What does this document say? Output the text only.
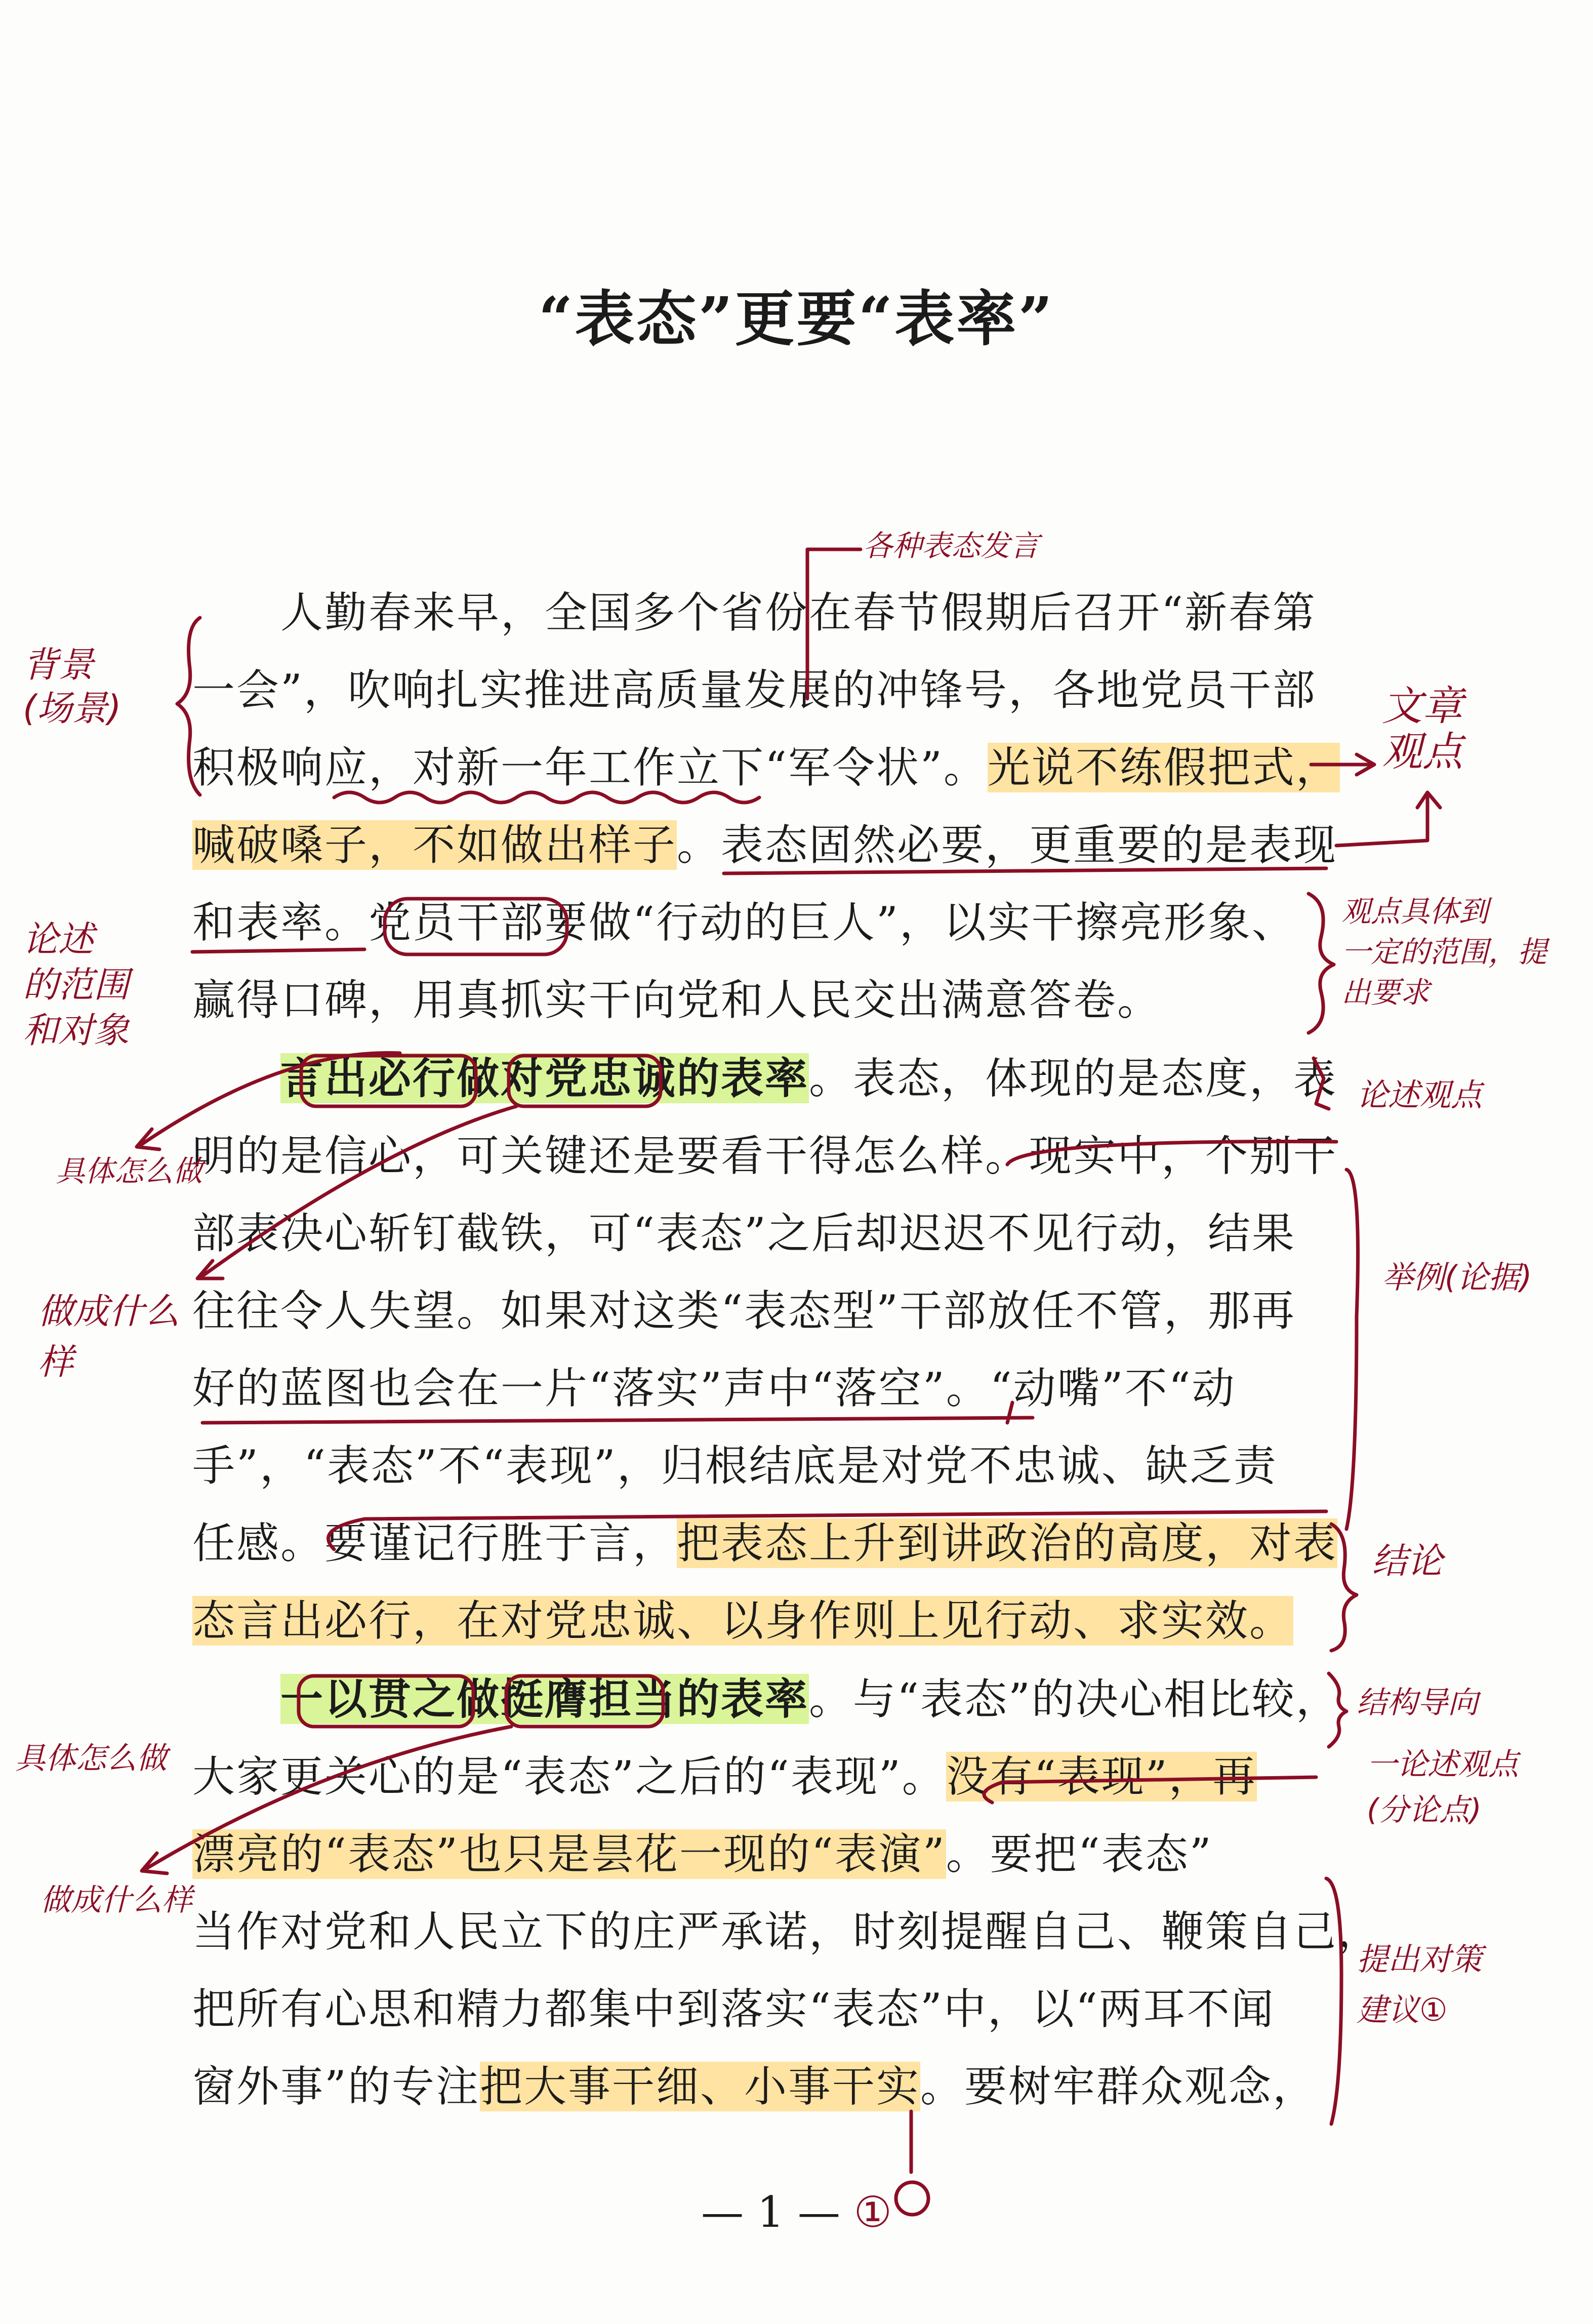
“表态”更要“表率”
　　人勤春来早，全国多个省份在春节假期后召开“新春第
一会”，吹响扎实推进高质量发展的冲锋号，各地党员干部
积极响应，对新一年工作立下“军令状”。光说不练假把式，
喊破嗓子，不如做出样子。表态固然必要，更重要的是表现
和表率。党员干部要做“行动的巨人”，以实干擦亮形象、
赢得口碑，用真抓实干向党和人民交出满意答卷。
　　言出必行做对党忠诚的表率。表态，体现的是态度，表
明的是信心，可关键还是要看干得怎么样。现实中，个别干
部表决心斩钉截铁，可“表态”之后却迟迟不见行动，结果
往往令人失望。如果对这类“表态型”干部放任不管，那再
好的蓝图也会在一片“落实”声中“落空”。“动嘴”不“动
手”，“表态”不“表现”，归根结底是对党不忠诚、缺乏责
任感。要谨记行胜于言，把表态上升到讲政治的高度，对表
态言出必行，在对党忠诚、以身作则上见行动、求实效。
　　一以贯之做挺膺担当的表率。与“表态”的决心相比较，
大家更关心的是“表态”之后的“表现”。没有“表现”，再
漂亮的“表态”也只是昙花一现的“表演”。要把“表态”
当作对党和人民立下的庄严承诺，时刻提醒自己、鞭策自己，
把所有心思和精力都集中到落实“表态”中，以“两耳不闻
窗外事”的专注把大事干细、小事干实。要树牢群众观念，
— 1 — ①
各种表态发言
背景
(场景)	文章
观点
论述
的范围
和对象
观点具体到
一定的范围，提
出要求
具体怎么做
论述观点
做成什么
样
举例(论据)
结论
结构导向
一论述观点
(分论点)
具体怎么做
做成什么样
提出对策
建议①
